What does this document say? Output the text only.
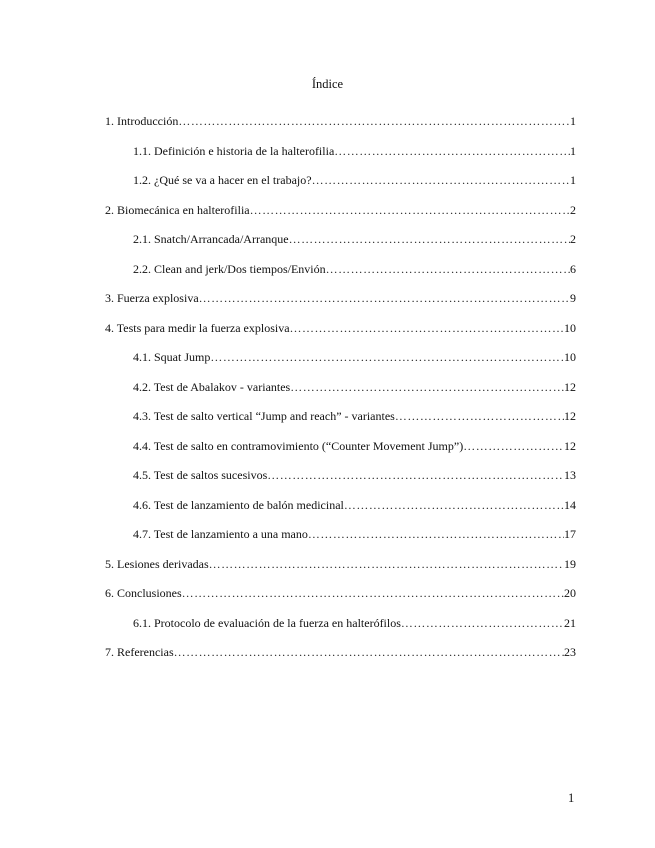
Índice
1. Introducción ………………………………………………………………………………………………………………………………………………………………………………………………………………	1
1.1. Definición e historia de la halterofilia ………………………………………………………………………………………………………………………………………………………………………………………………………………	1
1.2. ¿Qué se va a hacer en el trabajo? ………………………………………………………………………………………………………………………………………………………………………………………………………………	1
2. Biomecánica en halterofilia ………………………………………………………………………………………………………………………………………………………………………………………………………………	2
2.1. Snatch/Arrancada/Arranque ………………………………………………………………………………………………………………………………………………………………………………………………………………	2
2.2. Clean and jerk/Dos tiempos/Envión ………………………………………………………………………………………………………………………………………………………………………………………………………………	6
3. Fuerza explosiva ………………………………………………………………………………………………………………………………………………………………………………………………………………	9
4. Tests para medir la fuerza explosiva ………………………………………………………………………………………………………………………………………………………………………………………………………………	10
4.1. Squat Jump ………………………………………………………………………………………………………………………………………………………………………………………………………………	10
4.2. Test de Abalakov - variantes ………………………………………………………………………………………………………………………………………………………………………………………………………………	12
4.3. Test de salto vertical “Jump and reach” - variantes ………………………………………………………………………………………………………………………………………………………………………………………………………………	12
4.4. Test de salto en contramovimiento (“Counter Movement Jump”) ………………………………………………………………………………………………………………………………………………………………………………………………………………	12
4.5. Test de saltos sucesivos ………………………………………………………………………………………………………………………………………………………………………………………………………………	13
4.6. Test de lanzamiento de balón medicinal ………………………………………………………………………………………………………………………………………………………………………………………………………………	14
4.7. Test de lanzamiento a una mano ………………………………………………………………………………………………………………………………………………………………………………………………………………	17
5. Lesiones derivadas ………………………………………………………………………………………………………………………………………………………………………………………………………………	19
6. Conclusiones ………………………………………………………………………………………………………………………………………………………………………………………………………………	20
6.1. Protocolo de evaluación de la fuerza en halterófilos ………………………………………………………………………………………………………………………………………………………………………………………………………………	21
7. Referencias ………………………………………………………………………………………………………………………………………………………………………………………………………………	23
1
